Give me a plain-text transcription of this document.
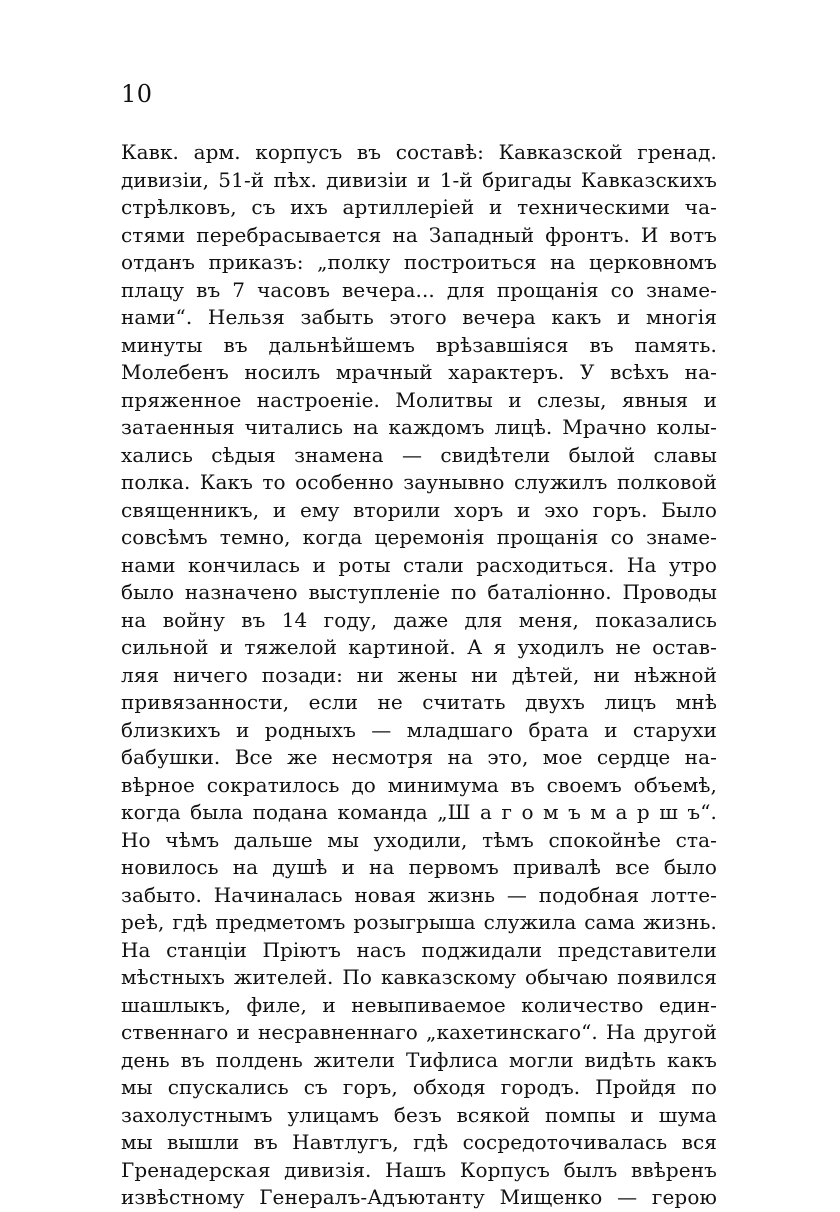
10
Кавк. арм. корпусъ въ составѣ: Кавказской гренад.
дивизіи, 51-й пѣх. дивизіи и 1-й бригады Кавказскихъ
стрѣлковъ, съ ихъ артиллеріей и техническими ча-
стями перебрасывается на Западный фронтъ. И вотъ
отданъ приказъ: „полку построиться на церковномъ
плацу въ 7 часовъ вечера... для прощанія со знаме-
нами“. Нельзя забыть этого вечера какъ и многія
минуты въ дальнѣйшемъ врѣзавшіяся въ память.
Молебенъ носилъ мрачный характеръ. У всѣхъ на-
пряженное настроеніе. Молитвы и слезы, явныя и
затаенныя читались на каждомъ лицѣ. Мрачно колы-
хались сѣдыя знамена — свидѣтели былой славы
полка. Какъ то особенно заунывно служилъ полковой
священникъ, и ему вторили хоръ и эхо горъ. Было
совсѣмъ темно, когда церемонія прощанія со знаме-
нами кончилась и роты стали расходиться. На утро
было назначено выступленіе по баталіонно. Проводы
на войну въ 14 году, даже для меня, показались
сильной и тяжелой картиной. А я уходилъ не остав-
ляя ничего позади: ни жены ни дѣтей, ни нѣжной
привязанности, если не считать двухъ лицъ мнѣ
близкихъ и родныхъ — младшаго брата и старухи
бабушки. Все же несмотря на это, мое сердце на-
вѣрное сократилось до минимума въ своемъ объемѣ,
когда была подана команда „Ш а г о м ъ м а р ш ъ“.
Но чѣмъ дальше мы уходили, тѣмъ спокойнѣе ста-
новилось на душѣ и на первомъ привалѣ все было
забыто. Начиналась новая жизнь — подобная лотте-
реѣ, гдѣ предметомъ розыгрыша служила сама жизнь.
На станціи Пріютъ насъ поджидали представители
мѣстныхъ жителей. По кавказскому обычаю появился
шашлыкъ, филе, и невыпиваемое количество един-
ственнаго и несравненнаго „кахетинскаго“. На другой
день въ полдень жители Тифлиса могли видѣть какъ
мы спускались съ горъ, обходя городъ. Пройдя по
захолустнымъ улицамъ безъ всякой помпы и шума
мы вышли въ Навтлугъ, гдѣ сосредоточивалась вся
Гренадерская дивизія. Нашъ Корпусъ былъ ввѣренъ
извѣстному Генералъ-Адъютанту Мищенко — герою
